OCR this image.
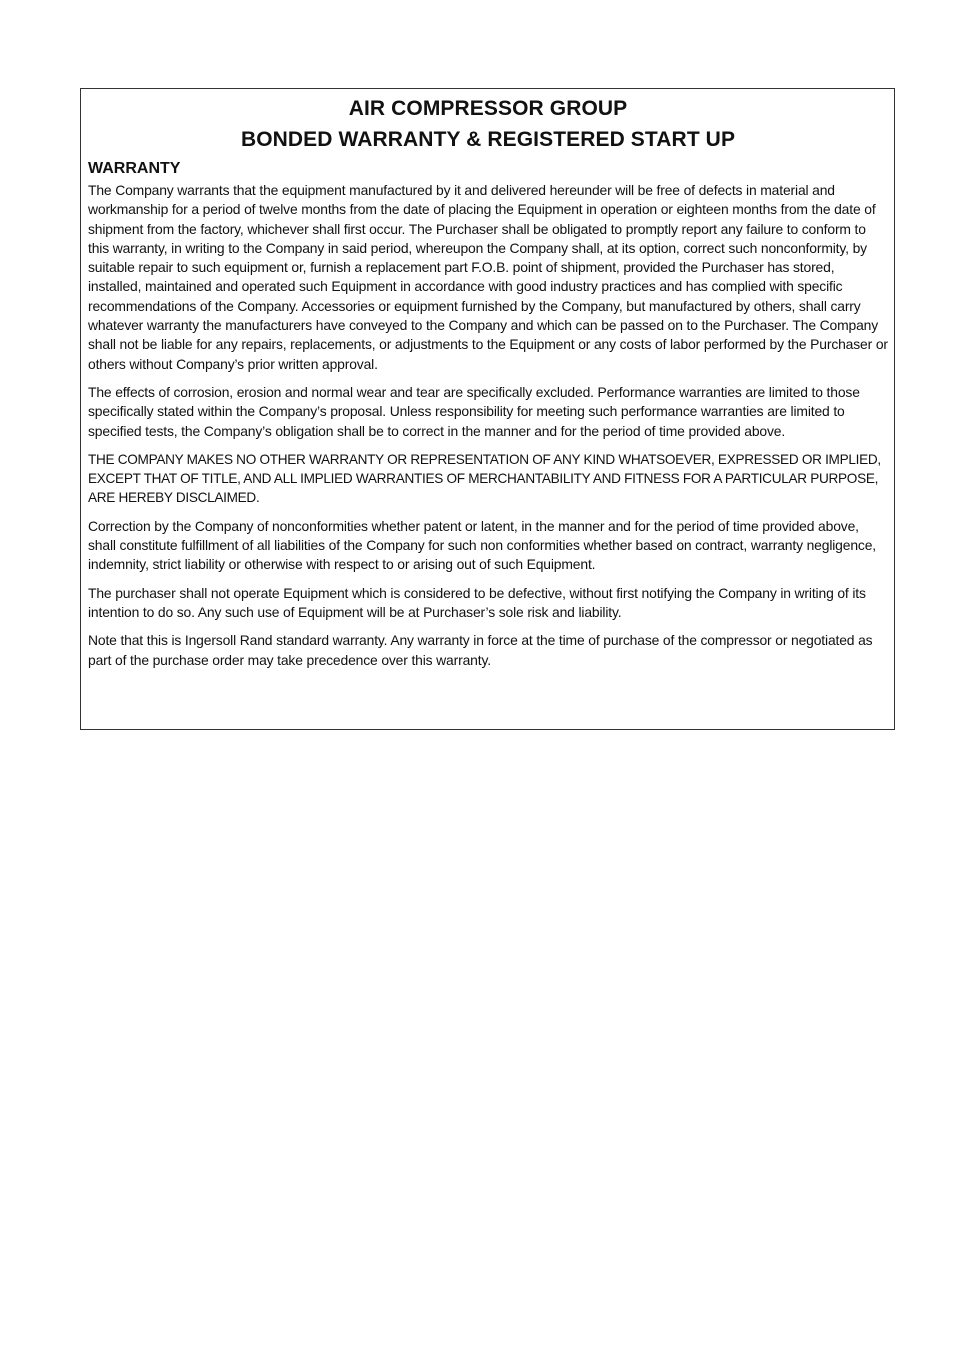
AIR COMPRESSOR GROUP
BONDED WARRANTY & REGISTERED START UP
WARRANTY

The Company warrants that the equipment manufactured by it and delivered hereunder will be free of defects in material and workmanship for a period of twelve months from the date of placing the Equipment in operation or eighteen months from the date of shipment from the factory, whichever shall first occur. The Purchaser shall be obligated to promptly report any failure to conform to this warranty, in writing to the Company in said period, whereupon the Company shall, at its option, correct such nonconformity, by suitable repair to such equipment or, furnish a replacement part F.O.B. point of shipment, provided the Purchaser has stored, installed, maintained and operated such Equipment in accordance with good industry practices and has complied with specific recommendations of the Company. Accessories or equipment furnished by the Company, but manufactured by others, shall carry whatever warranty the manufacturers have conveyed to the Company and which can be passed on to the Purchaser. The Company shall not be liable for any repairs, replacements, or adjustments to the Equipment or any costs of labor performed by the Purchaser or others without Company’s prior written approval.

The effects of corrosion, erosion and normal wear and tear are specifically excluded. Performance warranties are limited to those specifically stated within the Company’s proposal. Unless responsibility for meeting such performance warranties are limited to specified tests, the Company’s obligation shall be to correct in the manner and for the period of time provided above.

THE COMPANY MAKES NO OTHER WARRANTY OR REPRESENTATION OF ANY KIND WHATSOEVER, EXPRESSED OR IMPLIED, EXCEPT THAT OF TITLE, AND ALL IMPLIED WARRANTIES OF MERCHANTABILITY AND FITNESS FOR A PARTICULAR PURPOSE, ARE HEREBY DISCLAIMED.

Correction by the Company of nonconformities whether patent or latent, in the manner and for the period of time provided above, shall constitute fulfillment of all liabilities of the Company for such non conformities whether based on contract, warranty negligence, indemnity, strict liability or otherwise with respect to or arising out of such Equipment.

The purchaser shall not operate Equipment which is considered to be defective, without first notifying the Company in writing of its intention to do so. Any such use of Equipment will be at Purchaser’s sole risk and liability.

Note that this is Ingersoll Rand standard warranty. Any warranty in force at the time of purchase of the compressor or negotiated as part of the purchase order may take precedence over this warranty.
